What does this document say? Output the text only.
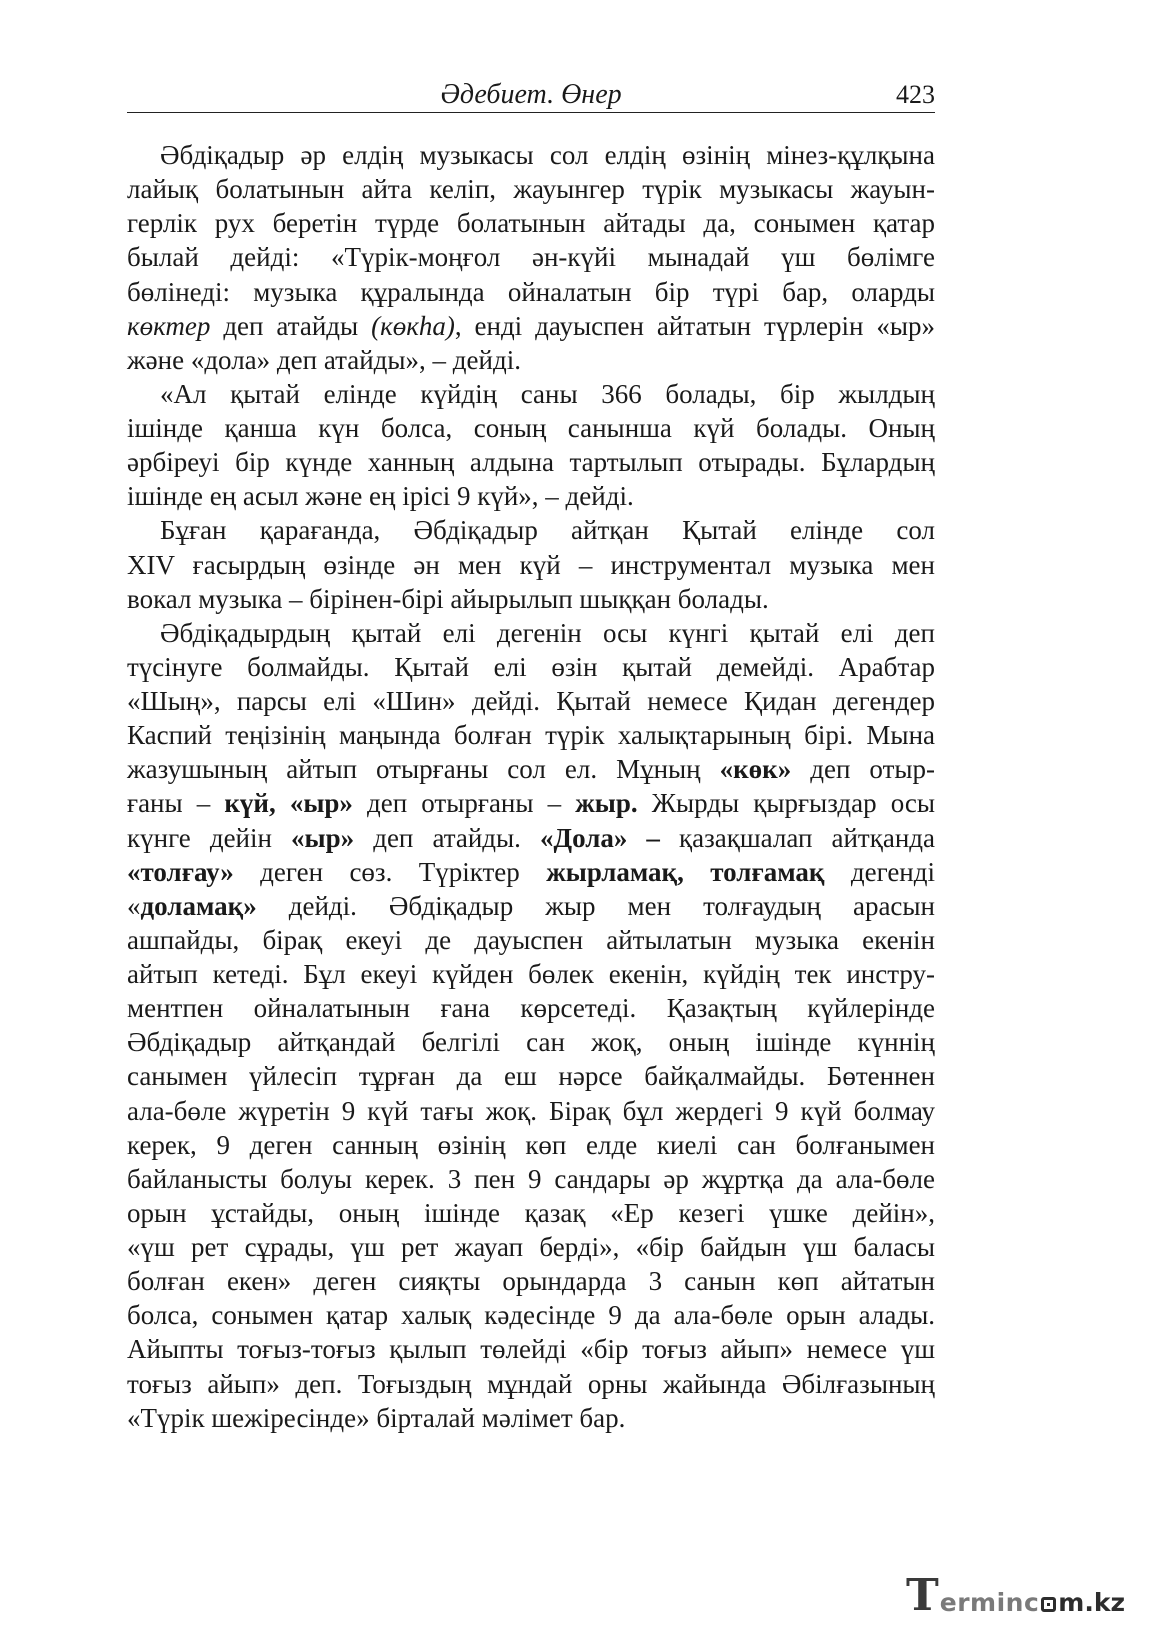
Әдебиет. Өнер	423
Әбдіқадыр әр елдің музыкасы сол елдің өзінің мінез-құлқына
лайық болатынын айта келіп, жауынгер түрік музыкасы жауын-
герлік рух беретін түрде болатынын айтады да, сонымен қатар
былай дейді: «Түрік-моңғол ән-күйі мынадай үш бөлімге
бөлінеді: музыка құралында ойналатын бір түрі бар, оларды
көктер деп атайды (көкһа), енді дауыспен айтатын түрлерін «ыр»
және «дола» деп атайды», – дейді.
«Ал қытай елінде күйдің саны 366 болады, бір жылдың
ішінде қанша күн болса, соның санынша күй болады. Оның
әрбіреуі бір күнде ханның алдына тартылып отырады. Бұлардың
ішінде ең асыл және ең ірісі 9 күй», – дейді.
Бұған қарағанда, Әбдіқадыр айтқан Қытай елінде сол
XIV ғасырдың өзінде ән мен күй – инструментал музыка мен
вокал музыка – бірінен-бірі айырылып шыққан болады.
Әбдіқадырдың қытай елі дегенін осы күнгі қытай елі деп
түсінуге болмайды. Қытай елі өзін қытай демейді. Арабтар
«Шың», парсы елі «Шин» дейді. Қытай немесе Қидан дегендер
Каспий теңізінің маңында болған түрік халықтарының бірі. Мына
жазушының айтып отырғаны сол ел. Мұның «көк» деп отыр-
ғаны – күй, «ыр» деп отырғаны – жыр. Жырды қырғыздар осы
күнге дейін «ыр» деп атайды. «Дола» – қазақшалап айтқанда
«толғау» деген сөз. Түріктер жырламақ, толғамақ дегенді
«доламақ» дейді. Әбдіқадыр жыр мен толғаудың арасын
ашпайды, бірақ екеуі де дауыспен айтылатын музыка екенін
айтып кетеді. Бұл екеуі күйден бөлек екенін, күйдің тек инстру-
ментпен ойналатынын ғана көрсетеді. Қазақтың күйлерінде
Әбдіқадыр айтқандай белгілі сан жоқ, оның ішінде күннің
санымен үйлесіп тұрған да еш нәрсе байқалмайды. Бөтеннен
ала-бөле жүретін 9 күй тағы жоқ. Бірақ бұл жердегі 9 күй болмау
керек, 9 деген санның өзінің көп елде киелі сан болғанымен
байланысты болуы керек. 3 пен 9 сандары әр жұртқа да ала-бөле
орын ұстайды, оның ішінде қазақ «Ер кезегі үшке дейін»,
«үш рет сұрады, үш рет жауап берді», «бір байдын үш баласы
болған екен» деген сияқты орындарда 3 санын көп айтатын
болса, сонымен қатар халық кәдесінде 9 да ала-бөле орын алады.
Айыпты тоғыз-тоғыз қылып төлейді «бір тоғыз айып» немесе үш
тоғыз айып» деп. Тоғыздың мұндай орны жайында Әбілғазының
«Түрік шежіресінде» бірталай мәлімет бар.
T erminc m.kz
